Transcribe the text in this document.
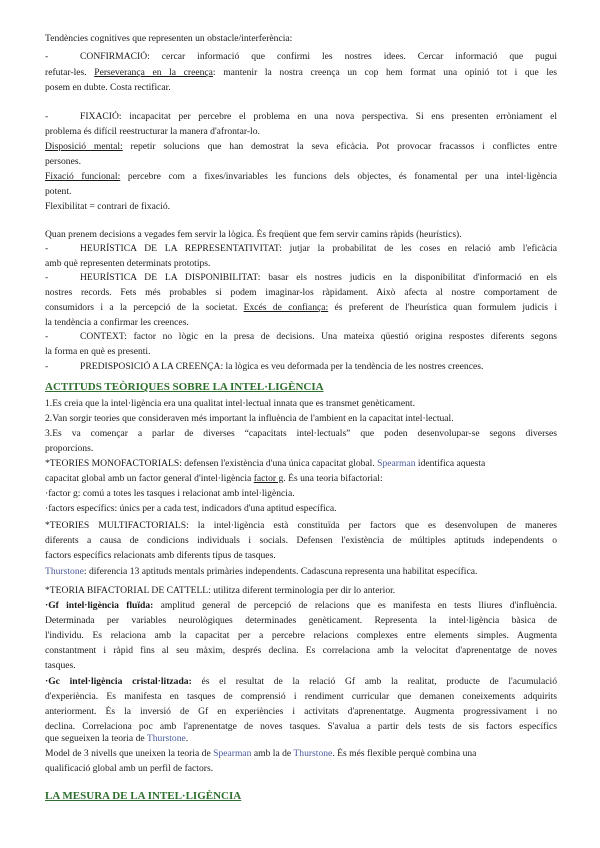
Tendències cognitives que representen un obstacle/interferència:
-	CONFIRMACIÓ: cercar informació que confirmi les nostres idees. Cercar informació que pugui
refutar-les. Perseverança en la creença: mantenir la nostra creença un cop hem format una opinió tot i que les
posem en dubte. Costa rectificar.
-	FIXACIÓ: incapacitat per percebre el problema en una nova perspectiva. Si ens presenten erròniament el
problema és difícil reestructurar la manera d'afrontar-lo.
Disposició mental: repetir solucions que han demostrat la seva eficàcia. Pot provocar fracassos i conflictes entre
persones.
Fixació funcional: percebre com a fixes/invariables les funcions dels objectes, és fonamental per una intel·ligència
potent.
Flexibilitat = contrari de fixació.
Quan prenem decisions a vegades fem servir la lògica. És freqüent que fem servir camins ràpids (heurístics).
-	HEURÍSTICA DE LA REPRESENTATIVITAT: jutjar la probabilitat de les coses en relació amb l'eficàcia
amb què representen determinats prototips.
-	HEURÍSTICA DE LA DISPONIBILITAT: basar els nostres judicis en la disponibilitat d'informació en els
nostres records. Fets més probables si podem imaginar-los ràpidament. Això afecta al nostre comportament de
consumidors i a la percepció de la societat. Excés de confiança: és preferent de l'heurística quan formulem judicis i
la tendència a confirmar les creences.
-	CONTEXT: factor no lògic en la presa de decisions. Una mateixa qüestió origina respostes diferents segons
la forma en què es presenti.
-	PREDISPOSICIÓ A LA CREENÇA: la lògica es veu deformada per la tendència de les nostres creences.
ACTITUDS TEÒRIQUES SOBRE LA INTEL·LIGÈNCIA
1.Es creia que la intel·ligència era una qualitat intel·lectual innata que es transmet genèticament.
2.Van sorgir teories que consideraven més important la influència de l'ambient en la capacitat intel·lectual.
3.Es va començar a parlar de diverses “capacitats intel·lectuals” que poden desenvolupar-se segons diverses
proporcions.
*TEORIES MONOFACTORIALS: defensen l'existència d'una única capacitat global. Spearman identifica aquesta
capacitat global amb un factor general d'intel·ligència factor g. És una teoria bifactorial:
·factor g: comú a totes les tasques i relacionat amb intel·ligència.
·factors específics: únics per a cada test, indicadors d'una aptitud específica.
*TEORIES MULTIFACTORIALS: la intel·ligència està constituïda per factors que es desenvolupen de maneres
diferents a causa de condicions individuals i socials. Defensen l'existència de múltiples aptituds independents o
factors específics relacionats amb diferents tipus de tasques.
Thurstone: diferencia 13 aptituds mentals primàries independents. Cadascuna representa una habilitat específica.
*TEORIA BIFACTORIAL DE CATTELL: utilitza diferent terminologia per dir lo anterior.
·Gf intel·ligència fluïda: amplitud general de percepció de relacions que es manifesta en tests lliures d'influència.
Determinada per variables neurològiques determinades genèticament. Representa la intel·ligència bàsica de
l'individu. Es relaciona amb la capacitat per a percebre relacions complexes entre elements simples. Augmenta
constantment i ràpid fins al seu màxim, després declina. Es correlaciona amb la velocitat d'aprenentatge de noves
tasques.
·Gc intel·ligència cristal·litzada: és el resultat de la relació Gf amb la realitat, producte de l'acumulació
d'experiència. Es manifesta en tasques de comprensió i rendiment curricular que demanen coneixements adquirits
anteriorment. És la inversió de Gf en experiències i activitats d'aprenentatge. Augmenta progressivament i no
declina. Correlaciona poc amb l'aprenentatge de noves tasques. S'avalua a partir dels tests de sis factors específics
que segueixen la teoria de Thurstone.
Model de 3 nivells que uneixen la teoria de Spearman amb la de Thurstone. És més flexible perquè combina una
qualificació global amb un perfil de factors.
LA MESURA DE LA INTEL·LIGÈNCIA
